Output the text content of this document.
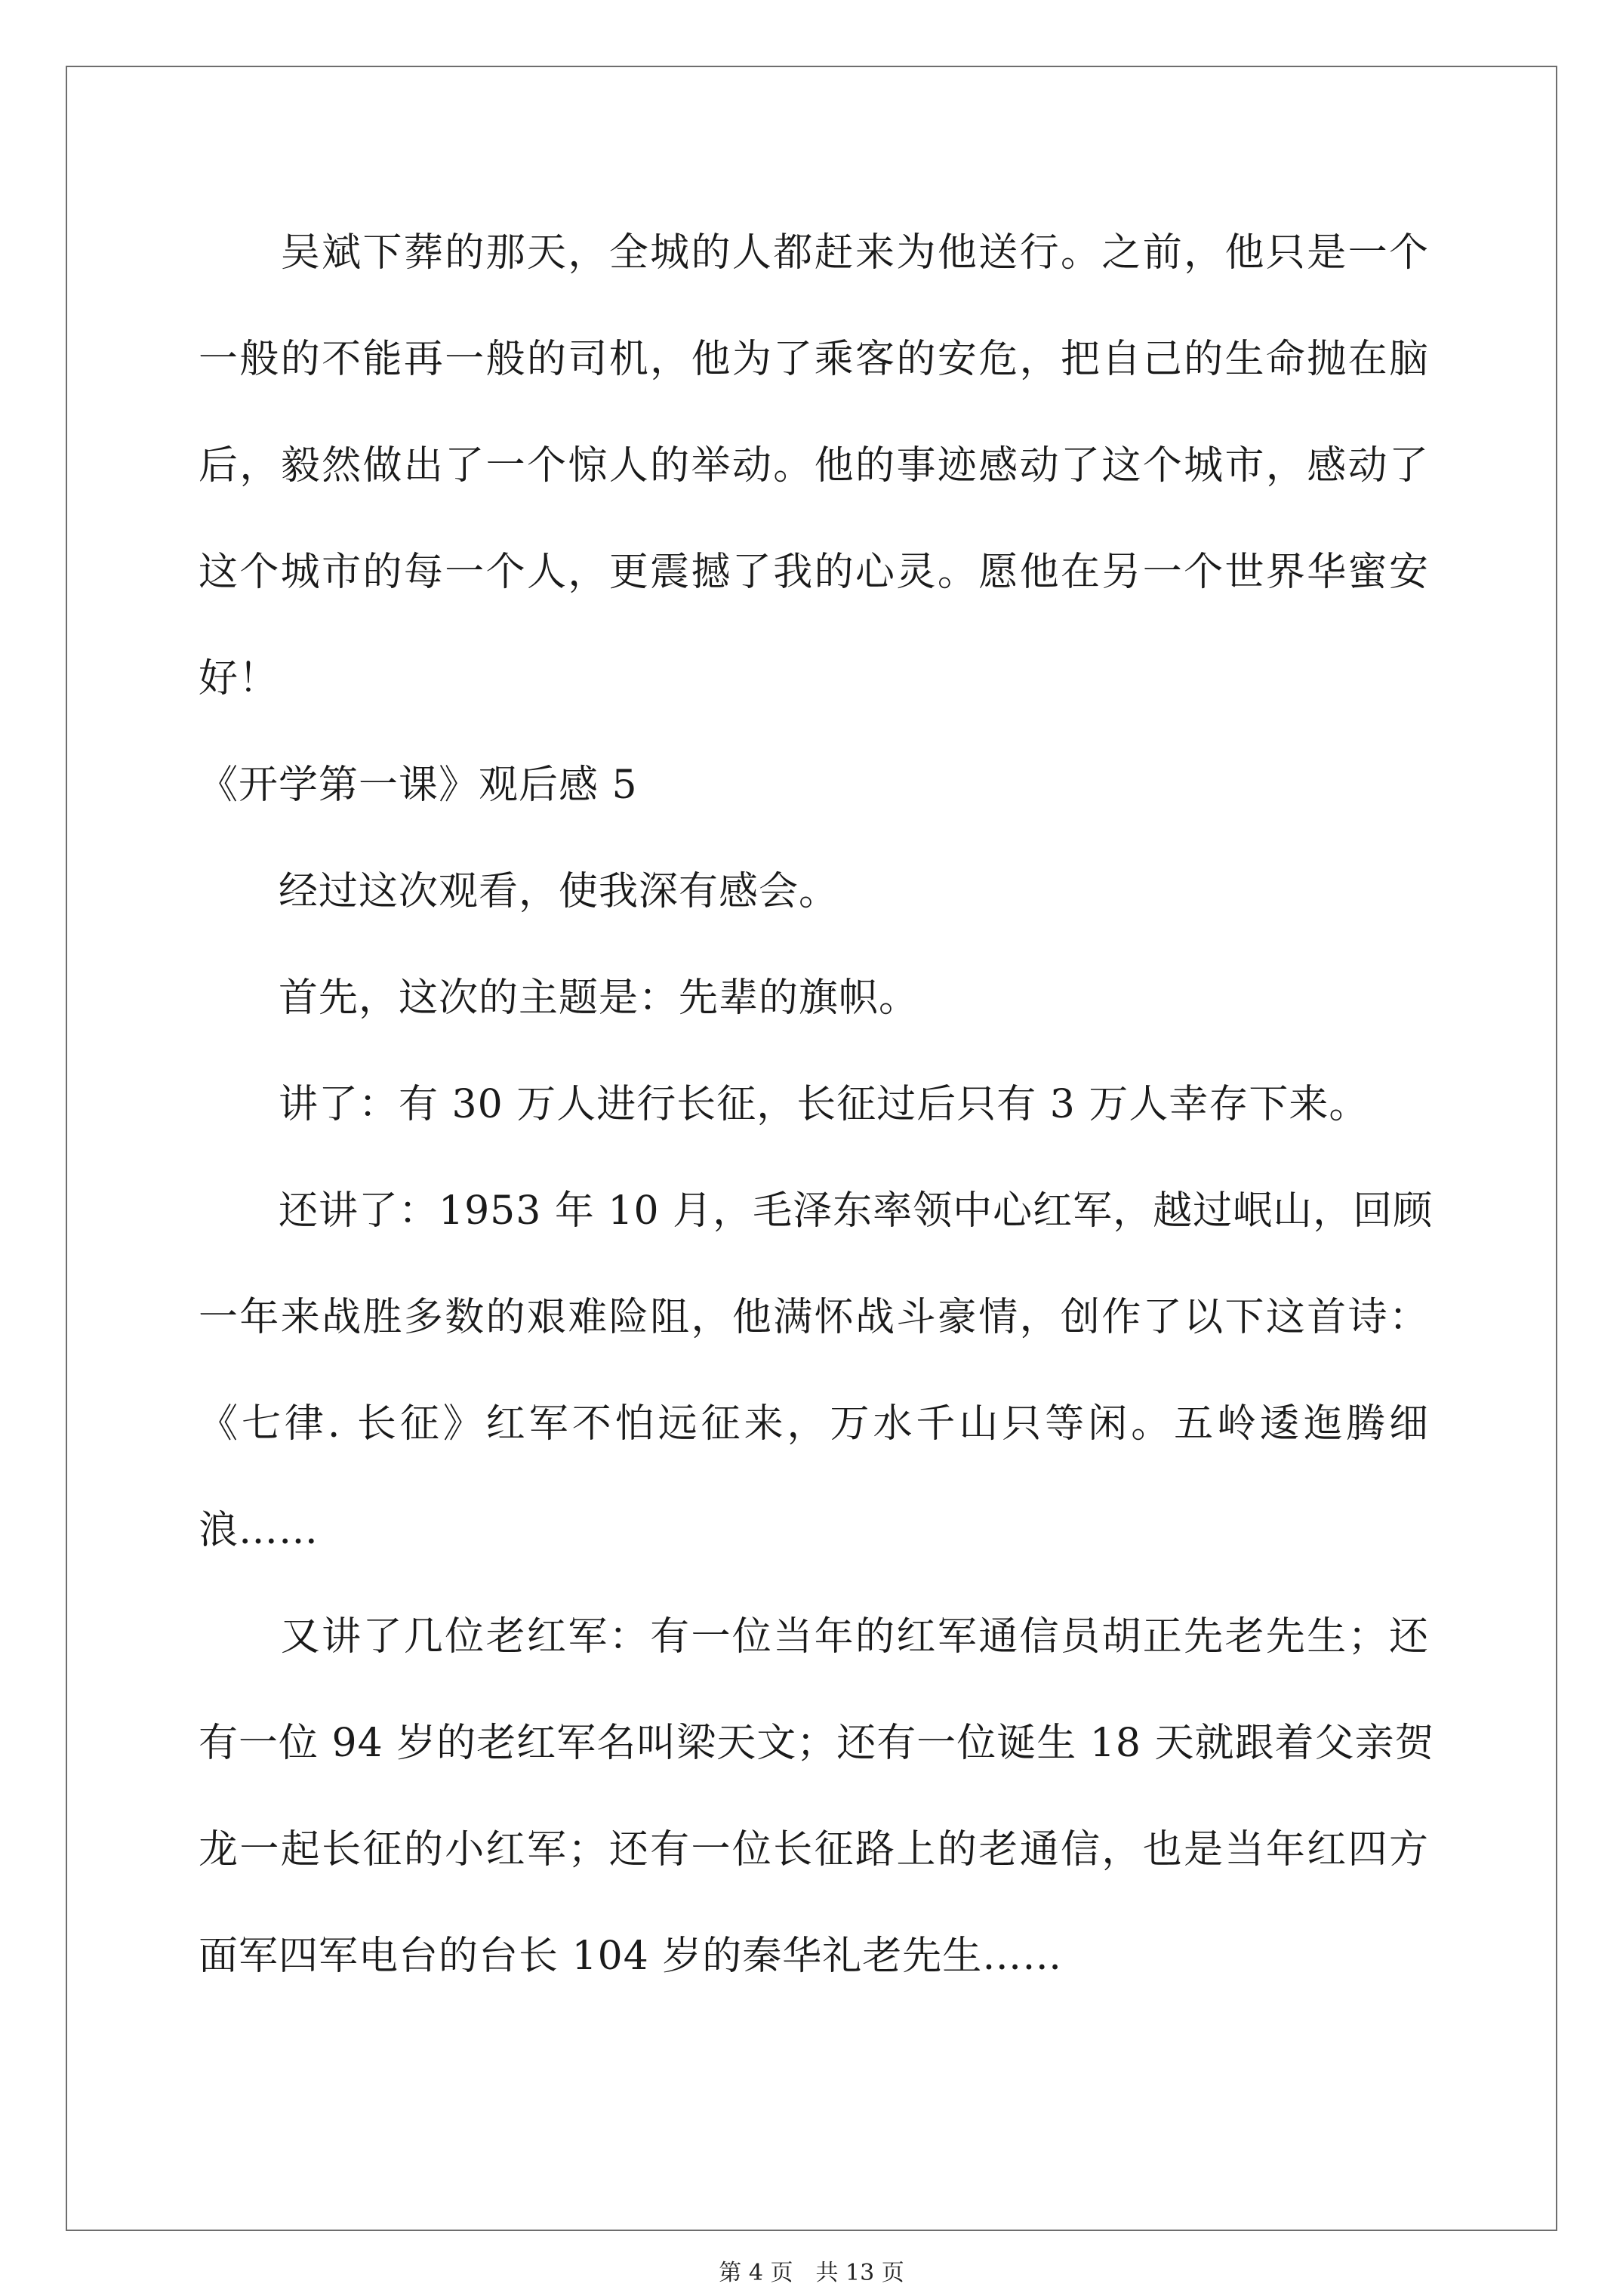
　　吴斌下葬的那天，全城的人都赶来为他送行。之前，他只是一个
一般的不能再一般的司机，他为了乘客的安危，把自己的生命抛在脑
后，毅然做出了一个惊人的举动。他的事迹感动了这个城市，感动了
这个城市的每一个人，更震撼了我的心灵。愿他在另一个世界华蜜安
好！
《开学第一课》观后感 5
　　经过这次观看，使我深有感会。
　　首先，这次的主题是：先辈的旗帜。
　　讲了：有 30 万人进行长征，长征过后只有 3 万人幸存下来。
　　还讲了：1953 年 10 月，毛泽东率领中心红军，越过岷山，回顾
一年来战胜多数的艰难险阻，他满怀战斗豪情，创作了以下这首诗：
《七律. 长征》红军不怕远征来，万水千山只等闲。五岭逶迤腾细
浪……
　　又讲了几位老红军：有一位当年的红军通信员胡正先老先生；还
有一位 94 岁的老红军名叫梁天文；还有一位诞生 18 天就跟着父亲贺
龙一起长征的小红军；还有一位长征路上的老通信，也是当年红四方
面军四军电台的台长 104 岁的秦华礼老先生……
第 4 页　共 13 页
